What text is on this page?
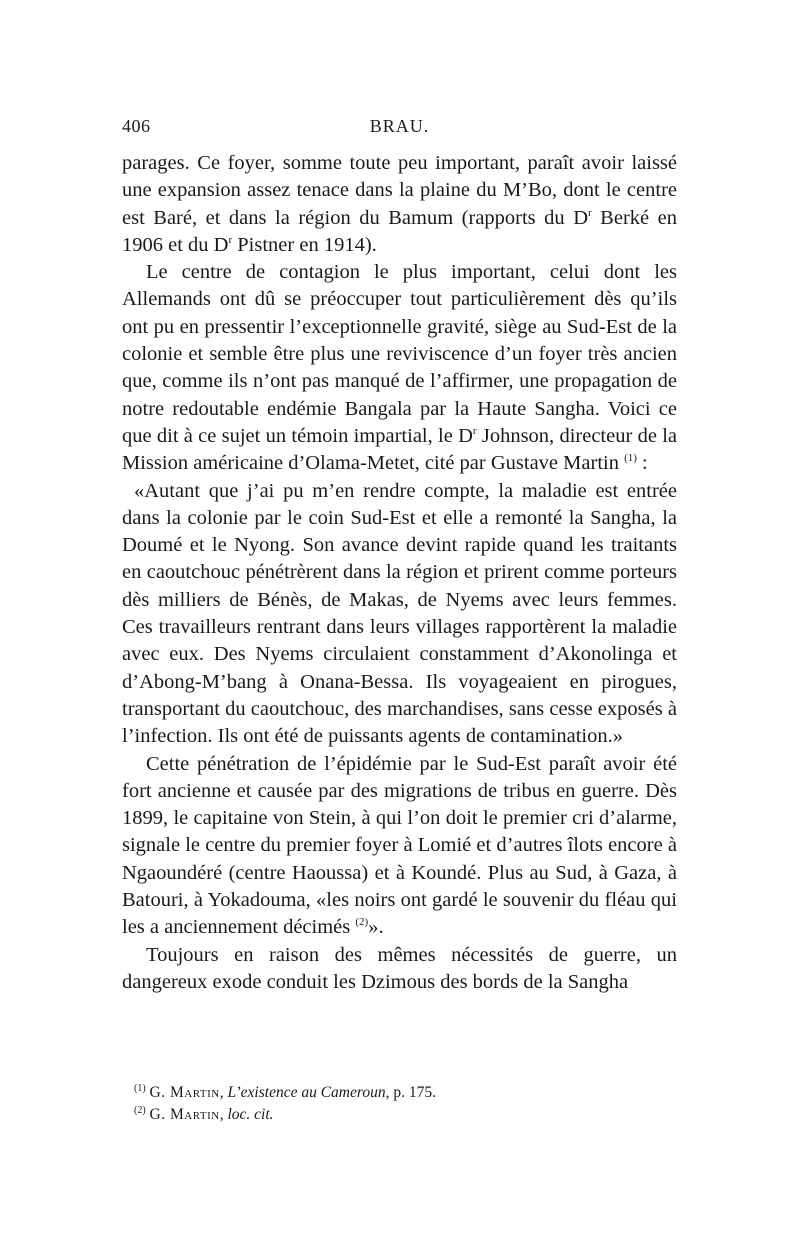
406	BRAU.

parages. Ce foyer, somme toute peu important, paraît avoir laissé une expansion assez tenace dans la plaine du M’Bo, dont le centre est Baré, et dans la région du Bamum (rapports du $D^r$ Berké en 1906 et du $D^r$ Pistner en 1914).

Le centre de contagion le plus important, celui dont les Allemands ont dû se préoccuper tout particulièrement dès qu’ils ont pu en pressentir l’exceptionnelle gravité, siège au Sud-Est de la colonie et semble être plus une reviviscence d’un foyer très ancien que, comme ils n’ont pas manqué de l’affirmer, une propagation de notre redoutable endémie Bangala par la Haute Sangha. Voici ce que dit à ce sujet un témoin impartial, le $D^r$ Johnson, directeur de la Mission américaine d’Olama-Metet, cité par Gustave Martin $^{(1)}$ :

«Autant que j’ai pu m’en rendre compte, la maladie est entrée dans la colonie par le coin Sud-Est et elle a remonté la Sangha, la Doumé et le Nyong. Son avance devint rapide quand les traitants en caoutchouc pénétrèrent dans la région et prirent comme porteurs dès milliers de Bénès, de Makas, de Nyems avec leurs femmes. Ces travailleurs rentrant dans leurs villages rapportèrent la maladie avec eux. Des Nyems circulaient constamment d’Akonolinga et d’Abong-M’bang à Onana-Bessa. Ils voyageaient en pirogues, transportant du caoutchouc, des marchandises, sans cesse exposés à l’infection. Ils ont été de puissants agents de contamination.»

Cette pénétration de l’épidémie par le Sud-Est paraît avoir été fort ancienne et causée par des migrations de tribus en guerre. Dès 1899, le capitaine von Stein, à qui l’on doit le premier cri d’alarme, signale le centre du premier foyer à Lomié et d’autres îlots encore à Ngaoundéré (centre Haoussa) et à Koundé. Plus au Sud, à Gaza, à Batouri, à Yokadouma, «les noirs ont gardé le souvenir du fléau qui les a anciennement décimés $^{(2)}$».

Toujours en raison des mêmes nécessités de guerre, un dangereux exode conduit les Dzimous des bords de la Sangha

$^{(1)}$ G. Martin, L’existence au Cameroun, p. 175.
$^{(2)}$ G. Martin, loc. cit.
